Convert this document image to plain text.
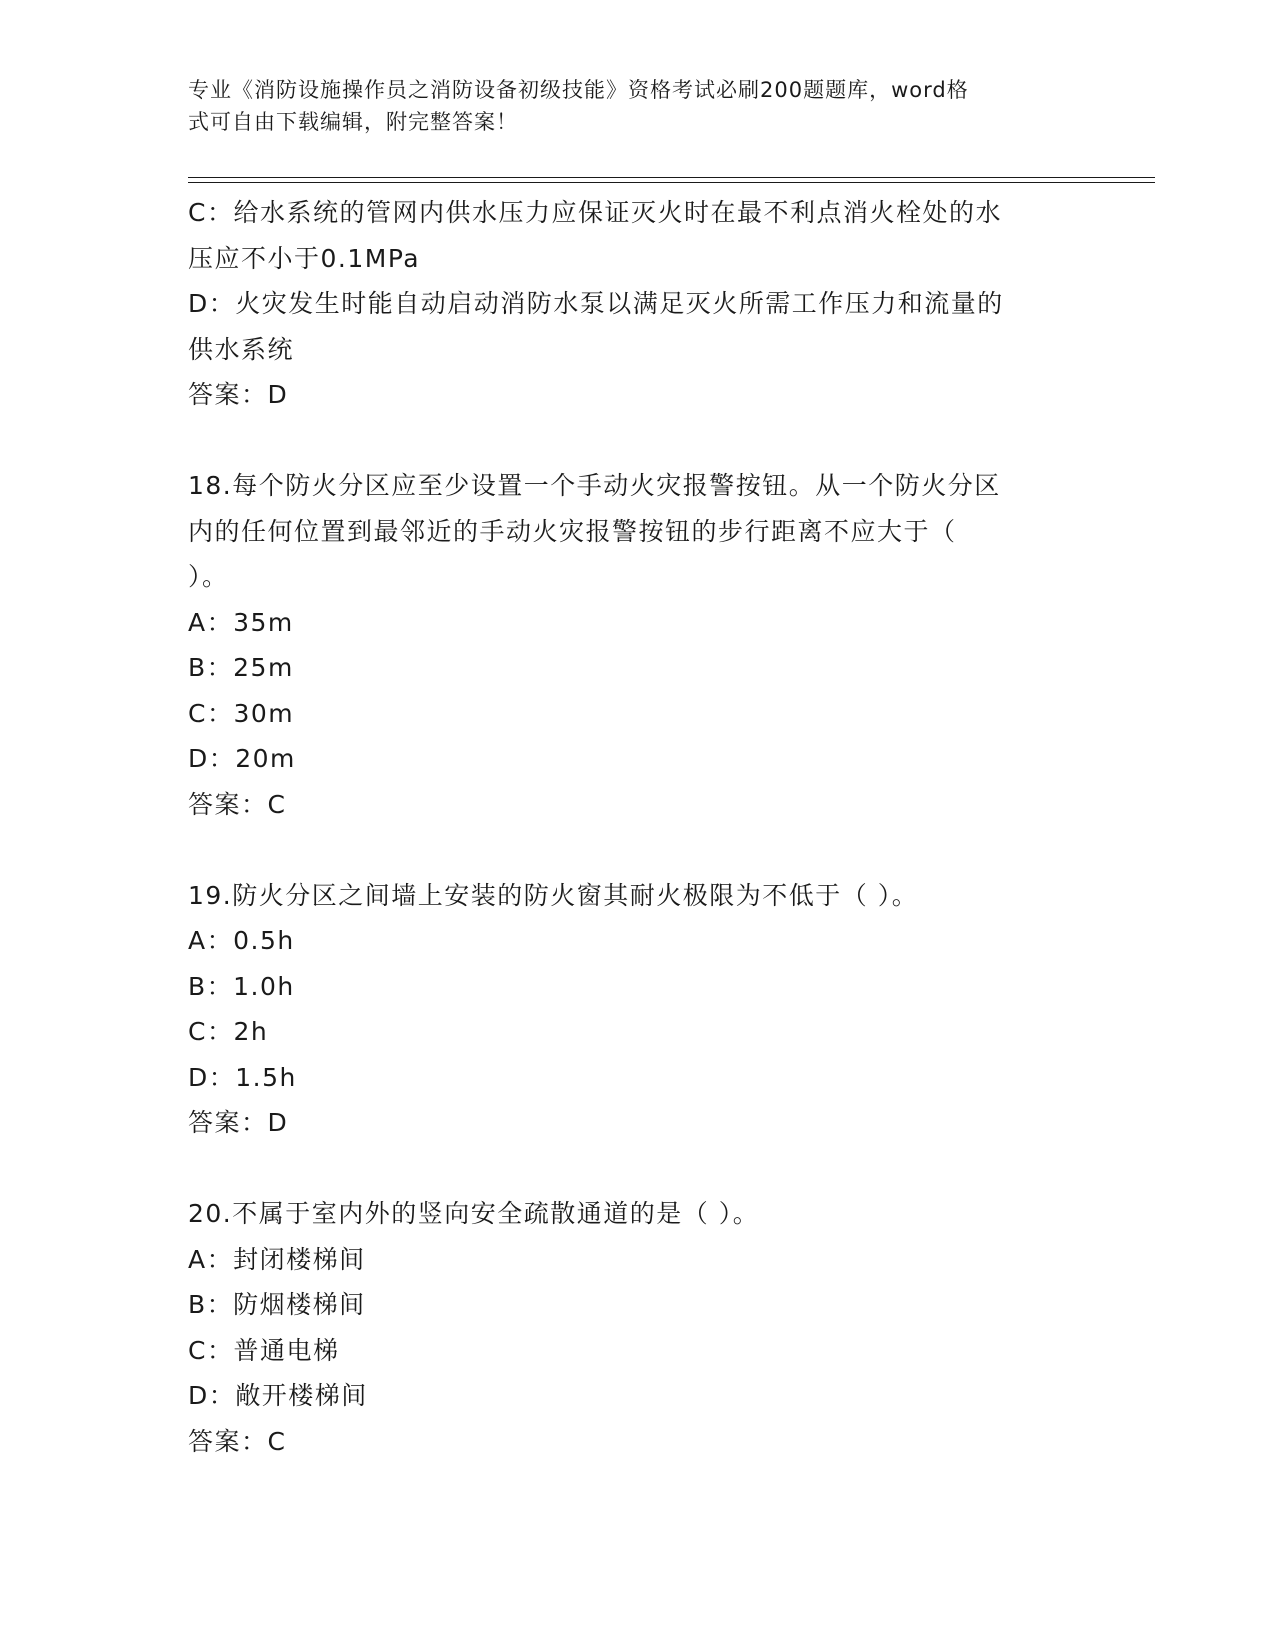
专业《消防设施操作员之消防设备初级技能》资格考试必刷200题题库，word格
式可自由下载编辑，附完整答案！
C：给水系统的管网内供水压力应保证灭火时在最不利点消火栓处的水
压应不小于0.1MPa
D：火灾发生时能自动启动消防水泵以满足灭火所需工作压力和流量的
供水系统
答案：D
18.每个防火分区应至少设置一个手动火灾报警按钮。从一个防火分区
内的任何位置到最邻近的手动火灾报警按钮的步行距离不应大于（
）。
A：35m
B：25m
C：30m
D：20m
答案：C
19.防火分区之间墙上安装的防火窗其耐火极限为不低于（ ）。
A：0.5h
B：1.0h
C：2h
D：1.5h
答案：D
20.不属于室内外的竖向安全疏散通道的是（ ）。
A：封闭楼梯间
B：防烟楼梯间
C：普通电梯
D：敞开楼梯间
答案：C
